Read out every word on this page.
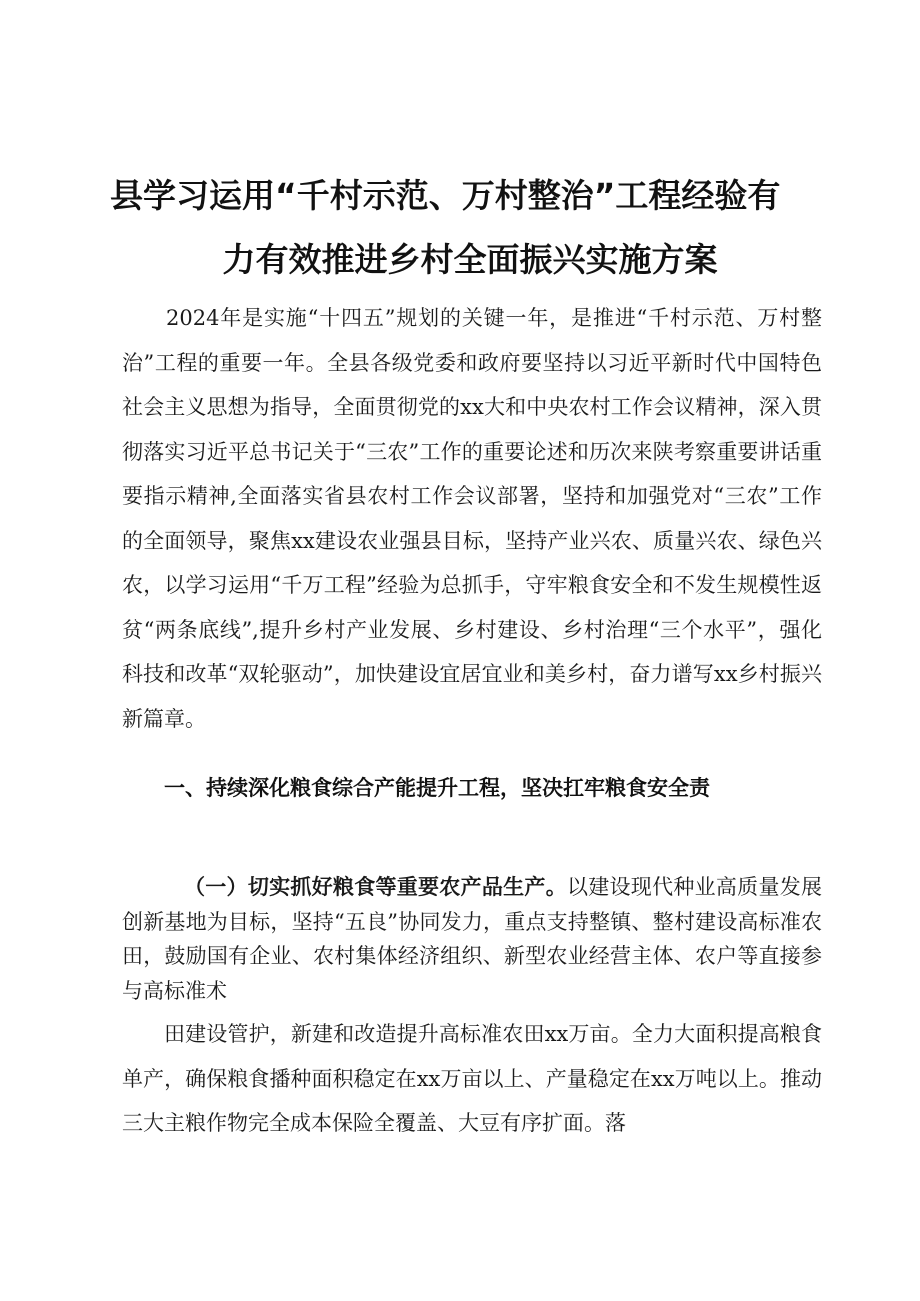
县学习运用“千村示范、万村整治”工程经验有
力有效推进乡村全面振兴实施方案
2024年是实施“十四五”规划的关键一年，是推进“千村示范、万村整治”工程的重要一年。全县各级党委和政府要坚持以习近平新时代中国特色社会主义思想为指导，全面贯彻党的xx大和中央农村工作会议精神，深入贯彻落实习近平总书记关于“三农”工作的重要论述和历次来陕考察重要讲话重要指示精神,全面落实省县农村工作会议部署，坚持和加强党对“三农”工作的全面领导，聚焦xx建设农业强县目标，坚持产业兴农、质量兴农、绿色兴农，以学习运用“千万工程”经验为总抓手，守牢粮食安全和不发生规模性返贫“两条底线”,提升乡村产业发展、乡村建设、乡村治理“三个水平”，强化科技和改革“双轮驱动”，加快建设宜居宜业和美乡村，奋力谱写xx乡村振兴新篇章。
一、持续深化粮食综合产能提升工程，坚决扛牢粮食安全责
（一）切实抓好粮食等重要农产品生产。以建设现代种业高质量发展创新基地为目标，坚持“五良”协同发力，重点支持整镇、整村建设高标准农田，鼓励国有企业、农村集体经济组织、新型农业经营主体、农户等直接参与高标准术
田建设管护，新建和改造提升高标准农田xx万亩。全力大面积提高粮食单产，确保粮食播种面积稳定在xx万亩以上、产量稳定在xx万吨以上。推动三大主粮作物完全成本保险全覆盖、大豆有序扩面。落
